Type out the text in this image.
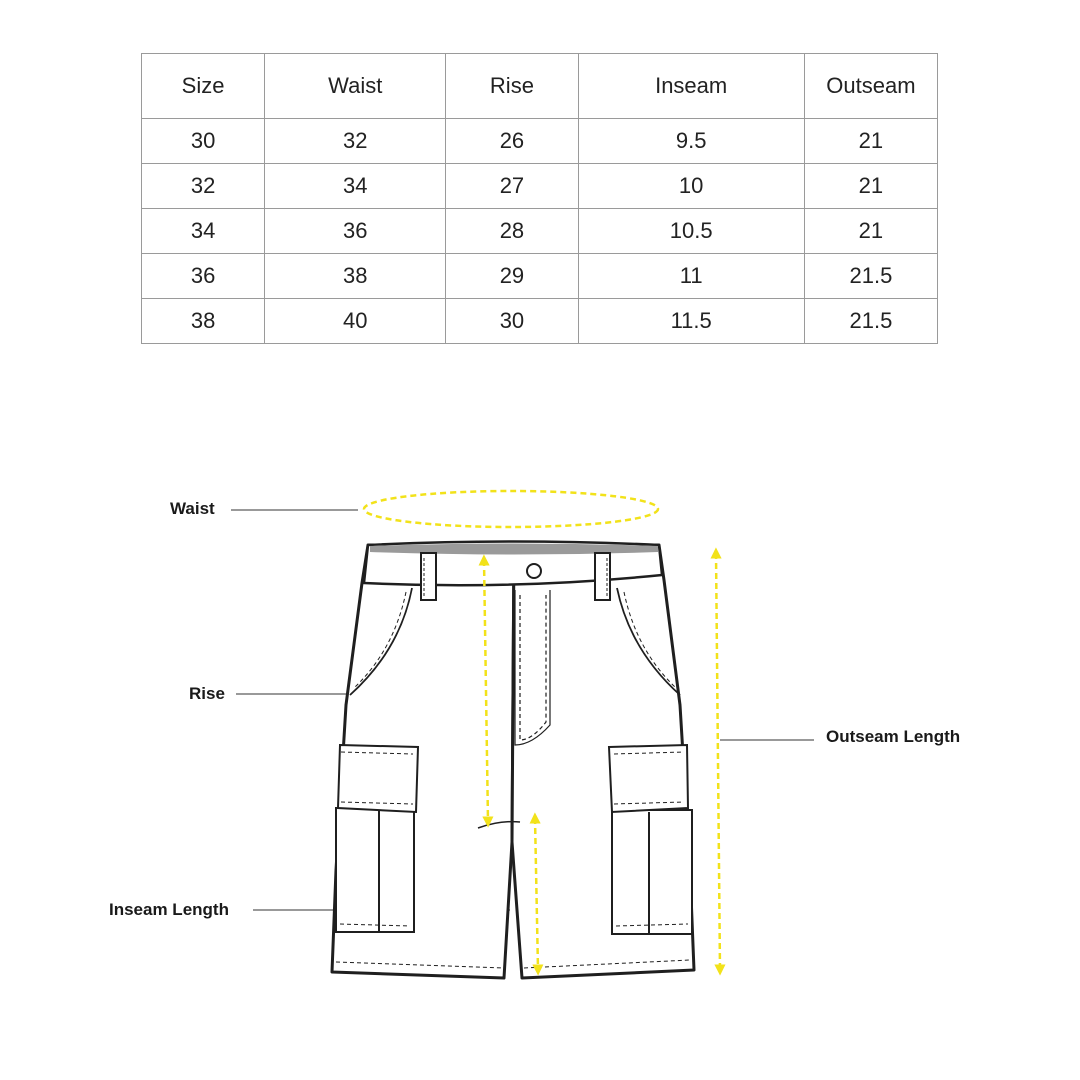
Size	Waist	Rise	Inseam	Outseam
30	32	26	9.5	21
32	34	27	10	21
34	36	28	10.5	21
36	38	29	11	21.5
38	40	30	11.5	21.5
Waist
Rise
Inseam Length
Outseam Length
